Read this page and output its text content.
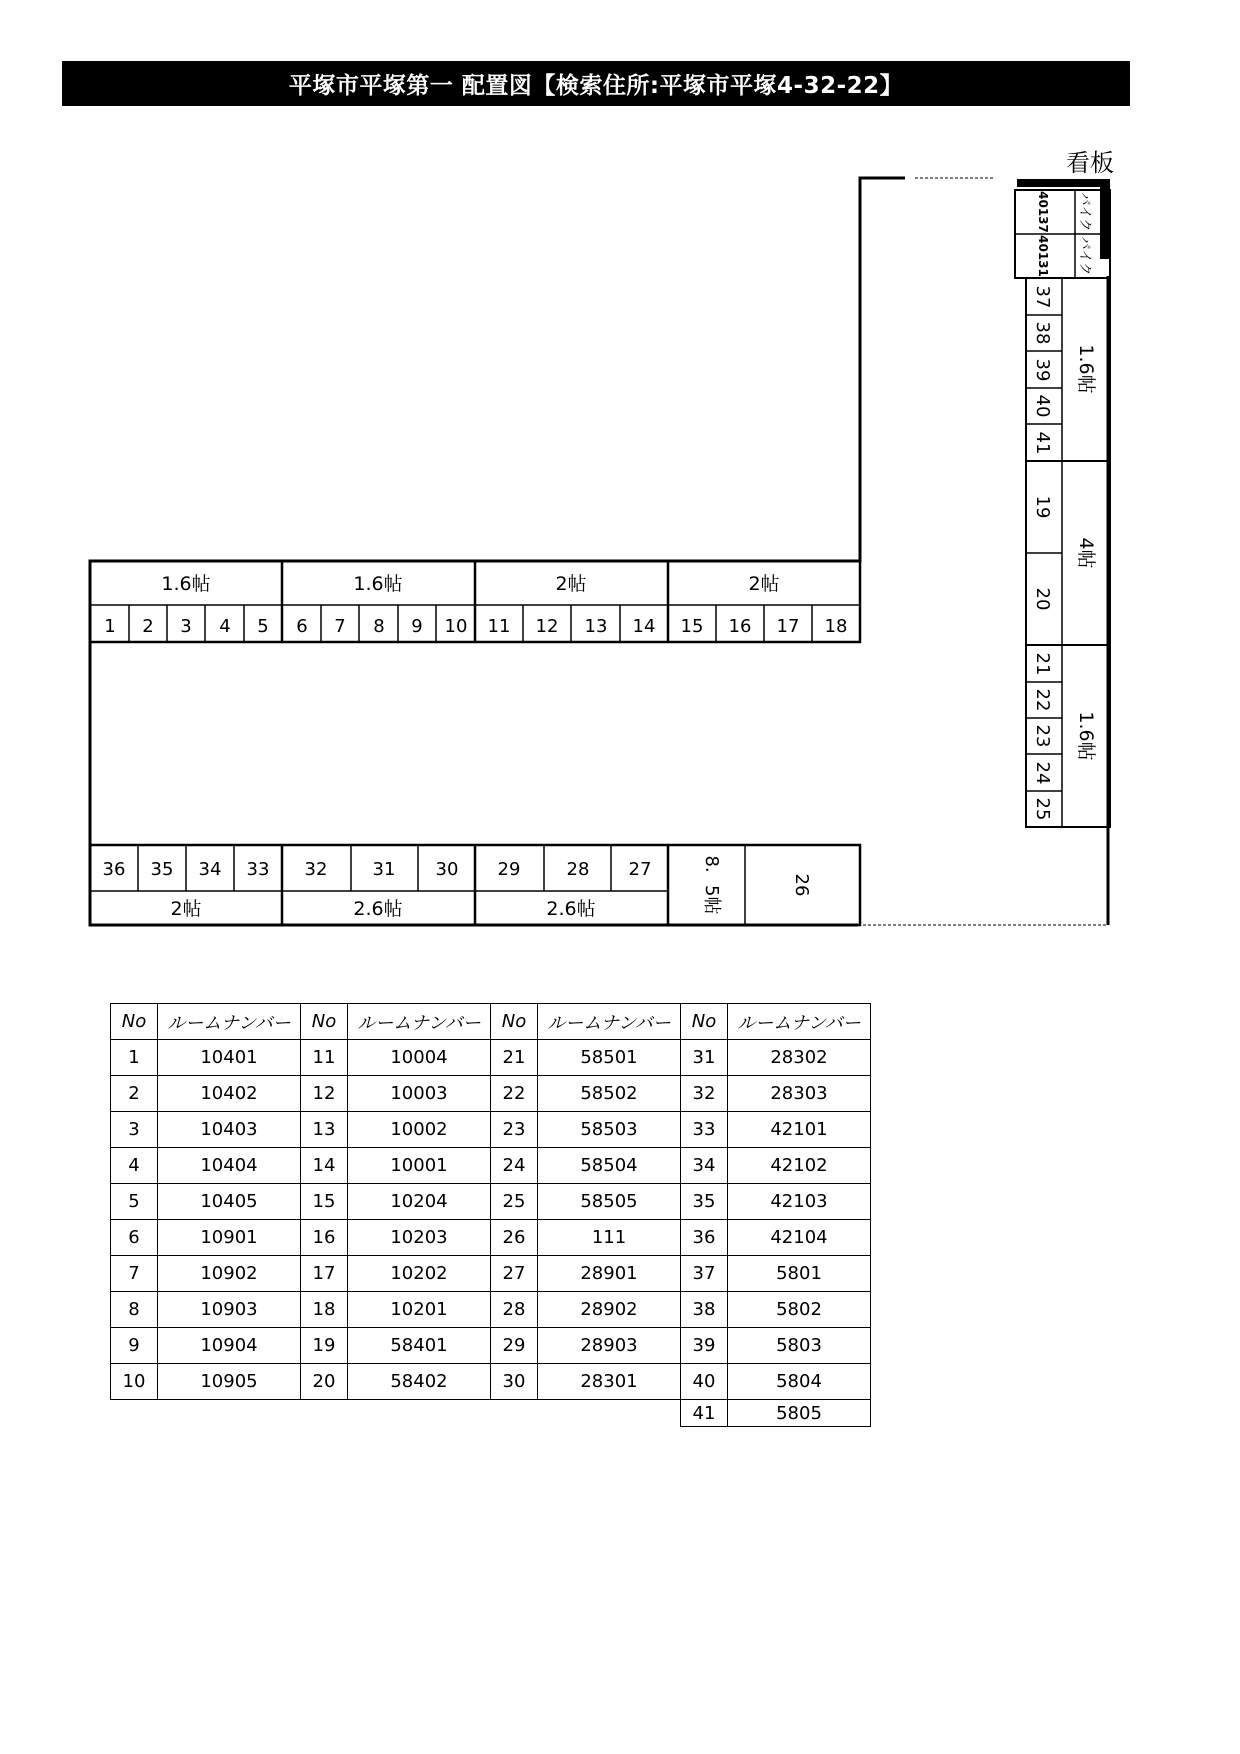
平塚市平塚第一 配置図【検索住所:平塚市平塚4-32-22】
看板
40137 バイク
40131 バイク
1.6帖	1.6帖	2帖	2帖
1 2 3 4 5 6 7 8 9 10 11 12 13 14 15 16 17 18
36 35 34 33 32	31 30 29	28 27
2帖	2.6帖	2.6帖	8．5帖	26
37
38
39
40
41
19
20
21
22
23
24
25
1.6帖
4帖
1.6帖
No	ルームナンバー	No	ルームナンバー	No	ルームナンバー	No	ルームナンバー
1	10401	11	10004	21	58501	31	28302
2	10402	12	10003	22	58502	32	28303
3	10403	13	10002	23	58503	33	42101
4	10404	14	10001	24	58504	34	42102
5	10405	15	10204	25	58505	35	42103
6	10901	16	10203	26	111	36	42104
7	10902	17	10202	27	28901	37	5801
8	10903	18	10201	28	28902	38	5802
9	10904	19	58401	29	28903	39	5803
10	10905	20	58402	30	28301	40	5804
						41	5805
